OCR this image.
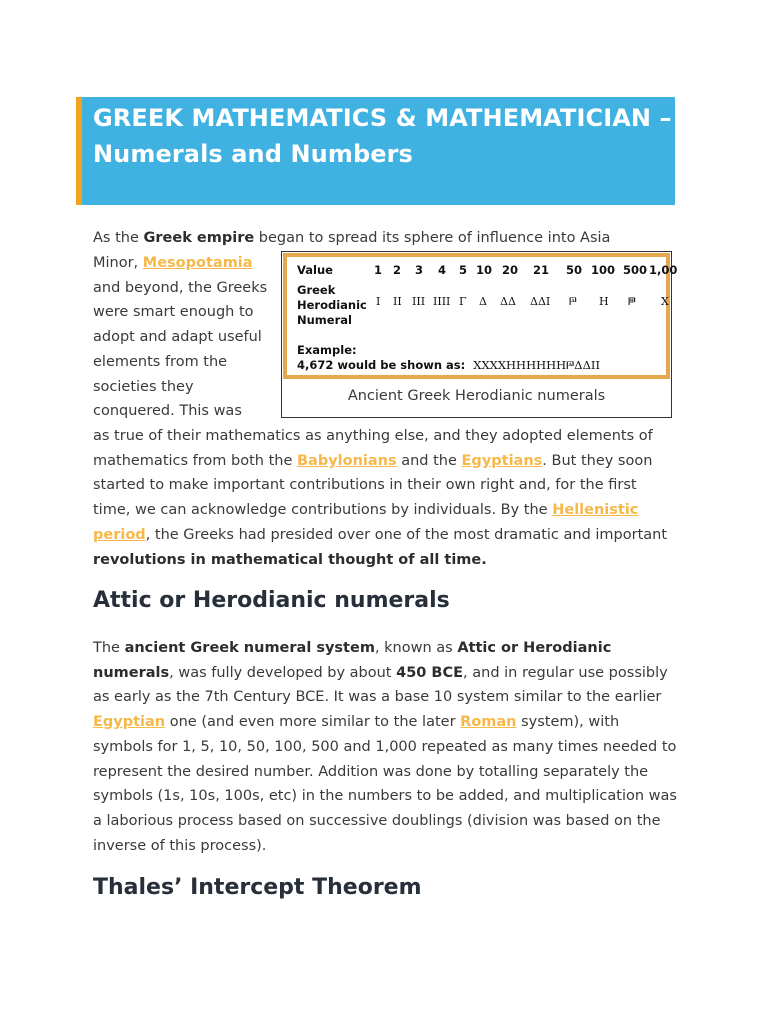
GREEK MATHEMATICS & MATHEMATICIAN – Numerals and Numbers

As the Greek empire began to spread its sphere of influence into Asia

Minor, Mesopotamia and beyond, the Greeks were smart enough to adopt and adapt useful elements from the societies they conquered. This was

Value
Greek
Herodianic
Numeral
1 2 3 4 5 10 20 21 50 100 500 1,00
Ι ΙΙ ΙΙΙ ΙΙΙΙ Γ Δ ΔΔ ΔΔΙ 𐅄 Η 𐅅 Χ
Example:
4,672 would be shown as: ΧΧΧΧΗΗΗΗΗΗ𐅄ΔΔΙΙ
Ancient Greek Herodianic numerals

as true of their mathematics as anything else, and they adopted elements of mathematics from both the Babylonians and the Egyptians. But they soon started to make important contributions in their own right and, for the first time, we can acknowledge contributions by individuals. By the Hellenistic period, the Greeks had presided over one of the most dramatic and important revolutions in mathematical thought of all time.

Attic or Herodianic numerals

The ancient Greek numeral system, known as Attic or Herodianic numerals, was fully developed by about 450 BCE, and in regular use possibly as early as the 7th Century BCE. It was a base 10 system similar to the earlier Egyptian one (and even more similar to the later Roman system), with symbols for 1, 5, 10, 50, 100, 500 and 1,000 repeated as many times needed to represent the desired number. Addition was done by totalling separately the symbols (1s, 10s, 100s, etc) in the numbers to be added, and multiplication was a laborious process based on successive doublings (division was based on the inverse of this process).

Thales’ Intercept Theorem
